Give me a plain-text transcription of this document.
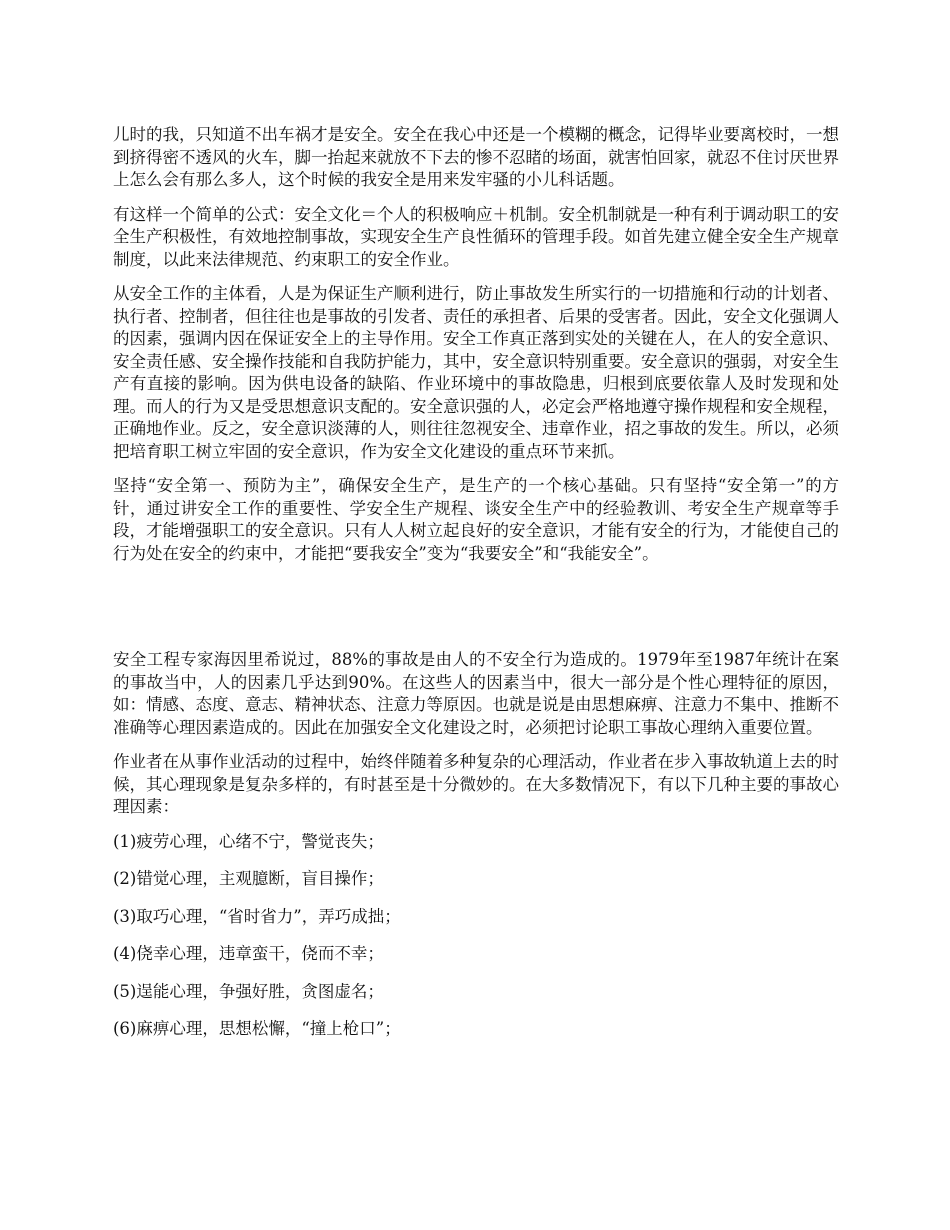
儿时的我，只知道不出车祸才是安全。安全在我心中还是一个模糊的概念，记得毕业要离校时，一想到挤得密不透风的火车，脚一抬起来就放不下去的惨不忍睹的场面，就害怕回家，就忍不住讨厌世界上怎么会有那么多人，这个时候的我安全是用来发牢骚的小儿科话题。

有这样一个简单的公式：安全文化＝个人的积极响应＋机制。安全机制就是一种有利于调动职工的安全生产积极性，有效地控制事故，实现安全生产良性循环的管理手段。如首先建立健全安全生产规章制度，以此来法律规范、约束职工的安全作业。

从安全工作的主体看，人是为保证生产顺利进行，防止事故发生所实行的一切措施和行动的计划者、执行者、控制者，但往往也是事故的引发者、责任的承担者、后果的受害者。因此，安全文化强调人的因素，强调内因在保证安全上的主导作用。安全工作真正落到实处的关键在人，在人的安全意识、安全责任感、安全操作技能和自我防护能力，其中，安全意识特别重要。安全意识的强弱，对安全生产有直接的影响。因为供电设备的缺陷、作业环境中的事故隐患，归根到底要依靠人及时发现和处理。而人的行为又是受思想意识支配的。安全意识强的人，必定会严格地遵守操作规程和安全规程，正确地作业。反之，安全意识淡薄的人，则往往忽视安全、违章作业，招之事故的发生。所以，必须把培育职工树立牢固的安全意识，作为安全文化建设的重点环节来抓。

坚持“安全第一、预防为主”，确保安全生产，是生产的一个核心基础。只有坚持“安全第一”的方针，通过讲安全工作的重要性、学安全生产规程、谈安全生产中的经验教训、考安全生产规章等手段，才能增强职工的安全意识。只有人人树立起良好的安全意识，才能有安全的行为，才能使自己的行为处在安全的约束中，才能把“要我安全”变为“我要安全”和“我能安全”。

安全工程专家海因里希说过，88%的事故是由人的不安全行为造成的。1979年至1987年统计在案的事故当中，人的因素几乎达到90%。在这些人的因素当中，很大一部分是个性心理特征的原因，如：情感、态度、意志、精神状态、注意力等原因。也就是说是由思想麻痹、注意力不集中、推断不准确等心理因素造成的。因此在加强安全文化建设之时，必须把讨论职工事故心理纳入重要位置。

作业者在从事作业活动的过程中，始终伴随着多种复杂的心理活动，作业者在步入事故轨道上去的时候，其心理现象是复杂多样的，有时甚至是十分微妙的。在大多数情况下，有以下几种主要的事故心理因素：

(1)疲劳心理，心绪不宁，警觉丧失；

(2)错觉心理，主观臆断，盲目操作；

(3)取巧心理，“省时省力”，弄巧成拙；

(4)侥幸心理，违章蛮干，侥而不幸；

(5)逞能心理，争强好胜，贪图虚名；

(6)麻痹心理，思想松懈，“撞上枪口”；
